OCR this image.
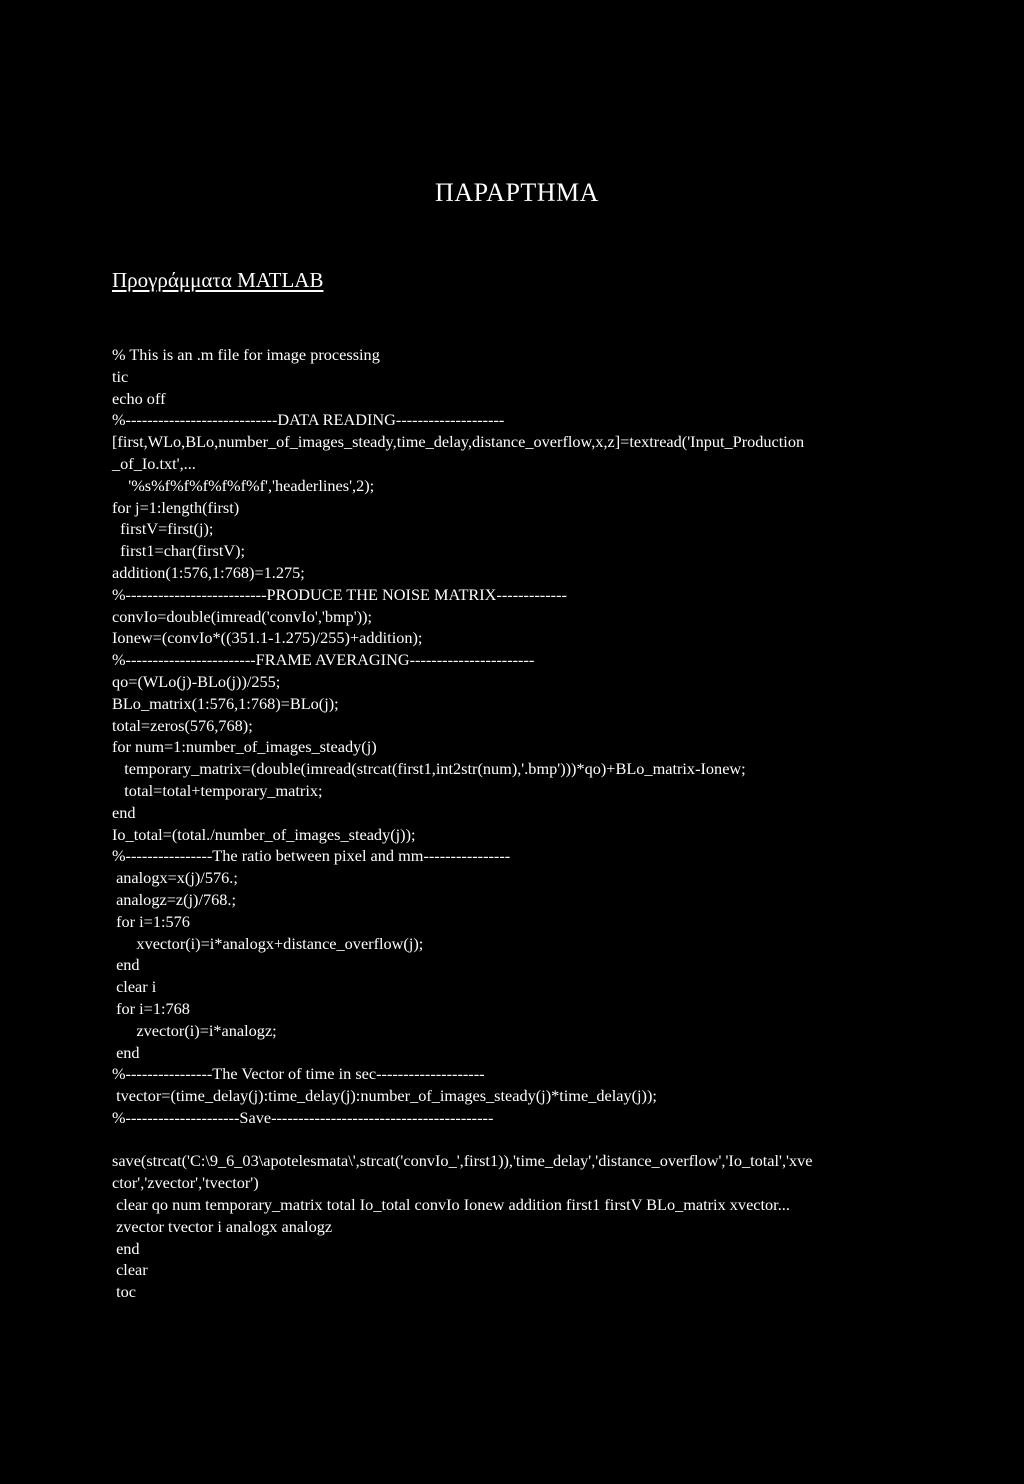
ΠΑΡΑΡΤΗΜΑ
Προγράμματα MATLAB
% This is an .m file for image processing
tic
echo off
%----------------------------DATA READING--------------------
[first,WLo,BLo,number_of_images_steady,time_delay,distance_overflow,x,z]=textread('Input_Production
_of_Io.txt',...
'%s%f%f%f%f%f%f','headerlines',2);
for j=1:length(first)
firstV=first(j);
first1=char(firstV);
addition(1:576,1:768)=1.275;
%--------------------------PRODUCE THE NOISE MATRIX-------------
convIo=double(imread('convIo','bmp'));
Ionew=(convIo*((351.1-1.275)/255)+addition);
%------------------------FRAME AVERAGING-----------------------
qo=(WLo(j)-BLo(j))/255;
BLo_matrix(1:576,1:768)=BLo(j);
total=zeros(576,768);
for num=1:number_of_images_steady(j)
temporary_matrix=(double(imread(strcat(first1,int2str(num),'.bmp')))*qo)+BLo_matrix-Ionew;
total=total+temporary_matrix;
end
Io_total=(total./number_of_images_steady(j));
%----------------The ratio between pixel and mm----------------
analogx=x(j)/576.;
analogz=z(j)/768.;
for i=1:576
xvector(i)=i*analogx+distance_overflow(j);
end
clear i
for i=1:768
zvector(i)=i*analogz;
end
%----------------The Vector of time in sec--------------------
tvector=(time_delay(j):time_delay(j):number_of_images_steady(j)*time_delay(j));
%---------------------Save-----------------------------------------
save(strcat('C:\9_6_03\apotelesmata\',strcat('convIo_',first1)),'time_delay','distance_overflow','Io_total','xve
ctor','zvector','tvector')
clear qo num temporary_matrix total Io_total convIo Ionew addition first1 firstV BLo_matrix xvector...
zvector tvector i analogx analogz
end
clear
toc
